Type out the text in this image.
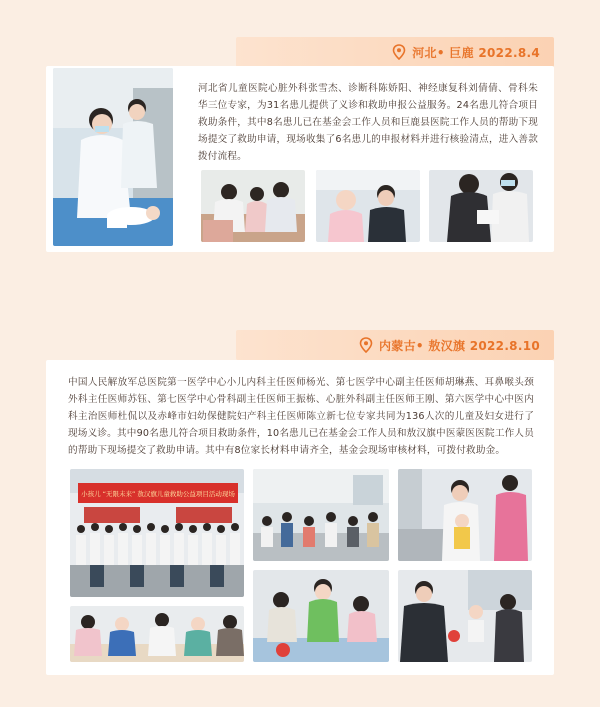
河北• 巨鹿 2022.8.4
河北省儿童医院心脏外科张雪杰、诊断科陈娇阳、神经康复科刘倩倩、骨科朱华三位专家，为31名患儿提供了义诊和救助申报公益服务。24名患儿符合项目救助条件，其中8名患儿已在基金会工作人员和巨鹿县医院工作人员的帮助下现场提交了救助申请，现场收集了6名患儿的申报材料并进行核验清点，进入善款拨付流程。
内蒙古• 敖汉旗 2022.8.10
中国人民解放军总医院第一医学中心小儿内科主任医师杨光、第七医学中心副主任医师胡琳燕、耳鼻喉头颈外科主任医师苏钰、第七医学中心骨科副主任医师王振栋、心脏外科副主任医师王刚、第六医学中心中医内科主治医师杜侃以及赤峰市妇幼保健院妇产科主任医师陈立新七位专家共同为136人次的儿童及妇女进行了现场义诊。其中90名患儿符合项目救助条件，10名患儿已在基金会工作人员和敖汉旗中医蒙医医院工作人员的帮助下现场提交了救助申请。其中有8位家长材料申请齐全，基金会现场审核材料，可拨付救助金。
小孩儿 “无限未来” 敖汉旗儿童救助公益项目活动现场
